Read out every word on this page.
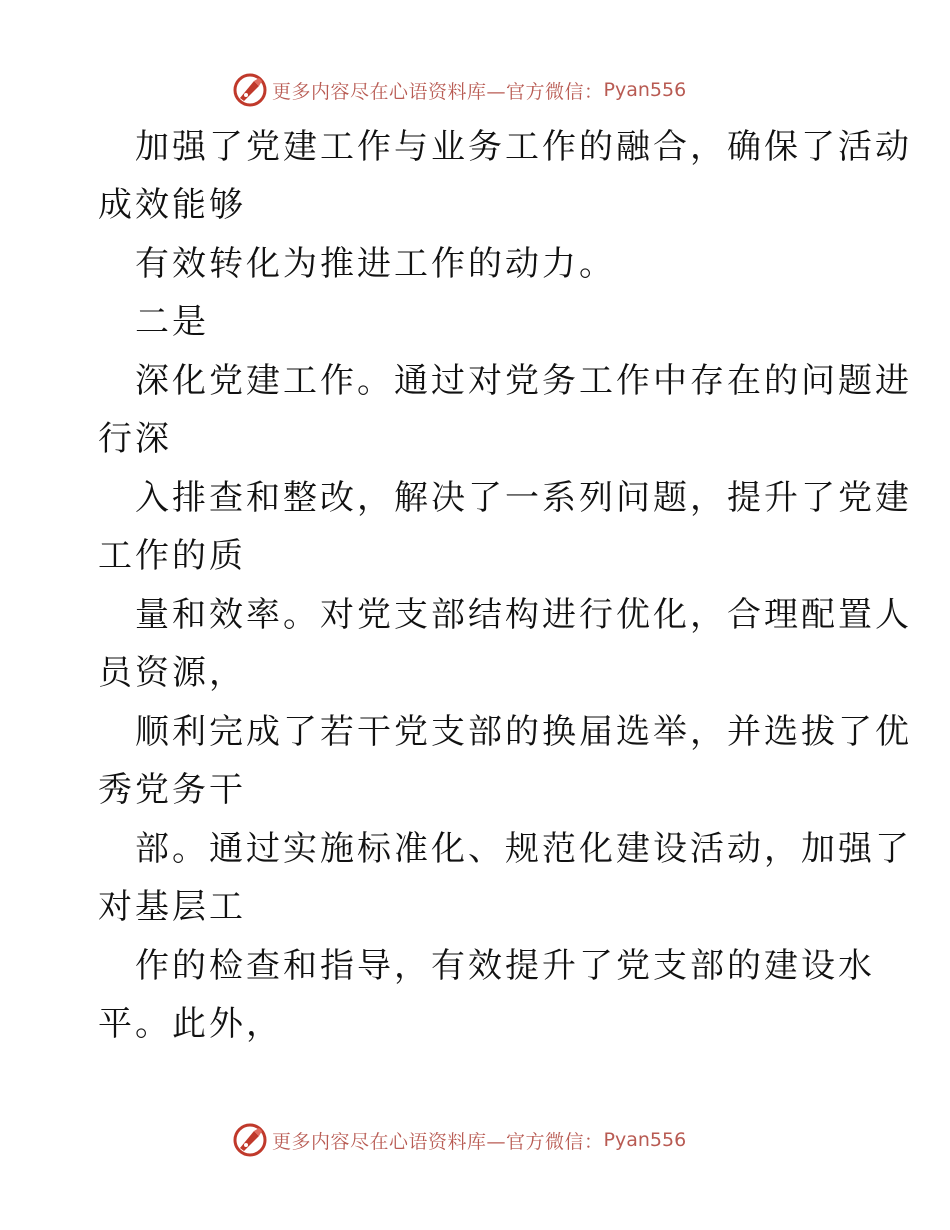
更多内容尽在心语资料库—官方微信： Pyan556
加强了党建工作与业务工作的融合，确保了活动
成效能够
有效转化为推进工作的动力。
二是
深化党建工作。通过对党务工作中存在的问题进
行深
入排查和整改，解决了一系列问题，提升了党建
工作的质
量和效率。对党支部结构进行优化，合理配置人
员资源，
顺利完成了若干党支部的换届选举，并选拔了优
秀党务干
部。通过实施标准化、规范化建设活动，加强了
对基层工
作的检查和指导，有效提升了党支部的建设水
平。此外，
更多内容尽在心语资料库—官方微信： Pyan556
